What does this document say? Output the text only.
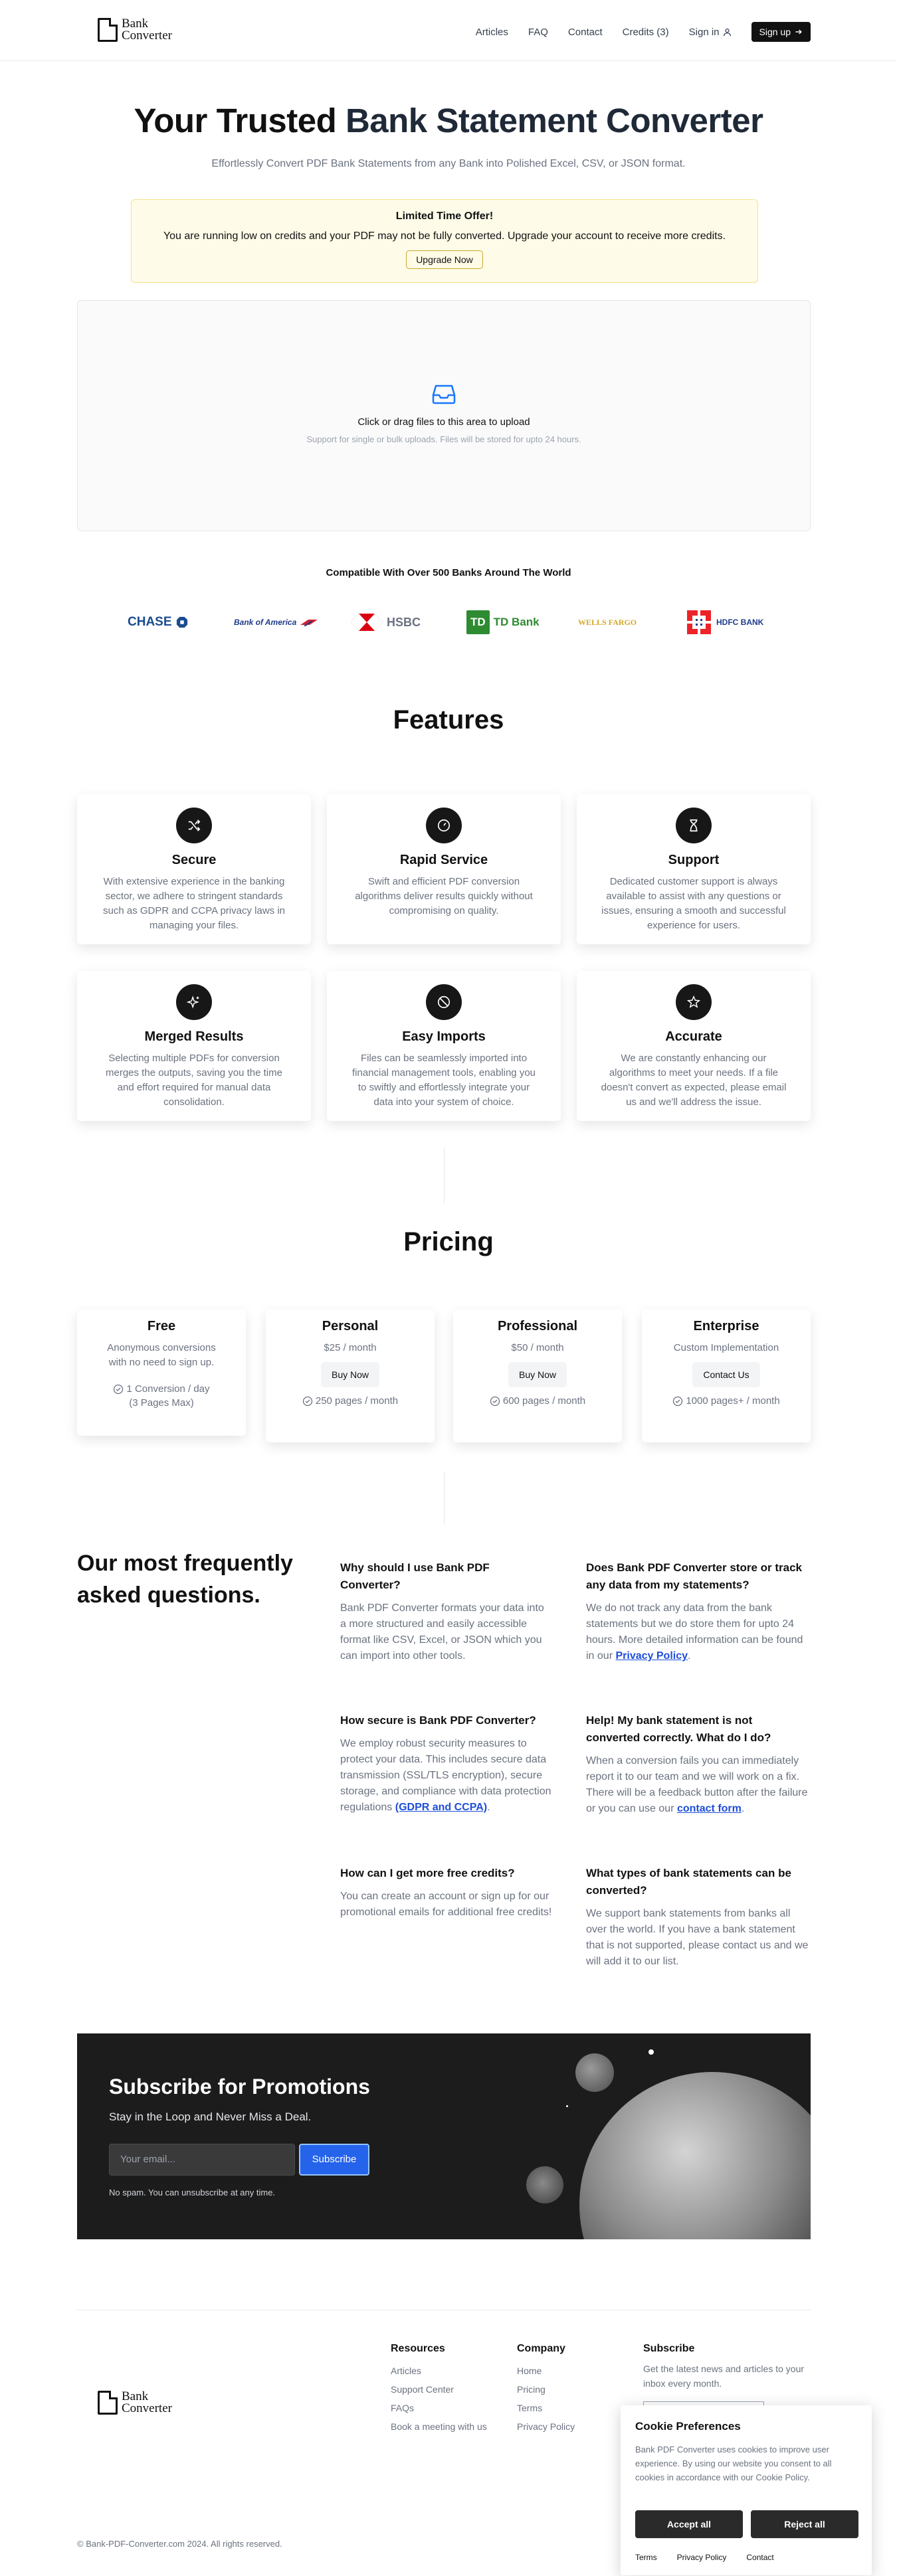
Bank
Converter	Articles FAQ Contact Credits (3) Sign in	Sign up
Your Trusted Bank Statement Converter
Effortlessly Convert PDF Bank Statements from any Bank into Polished Excel, CSV, or JSON format.
Limited Time Offer!
You are running low on credits and your PDF may not be fully converted. Upgrade your account to receive more credits.
Upgrade Now
Click or drag files to this area to upload
Support for single or bulk uploads. Files will be stored for upto 24 hours.
Compatible With Over 500 Banks Around The World
CHASE	Bank of America	HSBC	TD TD Bank	WELLS FARGO	HDFC BANK
Features
Secure

With extensive experience in the banking sector, we adhere to stringent standards such as GDPR and CCPA privacy laws in managing your files.

Rapid Service

Swift and efficient PDF conversion algorithms deliver results quickly without compromising on quality.

Support

Dedicated customer support is always available to assist with any questions or issues, ensuring a smooth and successful experience for users.

Merged Results

Selecting multiple PDFs for conversion merges the outputs, saving you the time and effort required for manual data consolidation.

Easy Imports

Files can be seamlessly imported into financial management tools, enabling you to swiftly and effortlessly integrate your data into your system of choice.

Accurate

We are constantly enhancing our algorithms to meet your needs. If a file doesn't convert as expected, please email us and we'll address the issue.

Pricing
Free
Anonymous conversions with no need to sign up.
1 Conversion / day
(3 Pages Max)
Personal
$25 / month
Buy Now
250 pages / month
Professional
$50 / month
Buy Now
600 pages / month
Enterprise
Custom Implementation
Contact Us
1000 pages+ / month
Our most frequently asked questions.
Why should I use Bank PDF Converter?

Bank PDF Converter formats your data into a more structured and easily accessible format like CSV, Excel, or JSON which you can import into other tools.

Does Bank PDF Converter store or track any data from my statements?

We do not track any data from the bank statements but we do store them for upto 24 hours. More detailed information can be found in our Privacy Policy.

How secure is Bank PDF Converter?

We employ robust security measures to protect your data. This includes secure data transmission (SSL/TLS encryption), secure storage, and compliance with data protection regulations (GDPR and CCPA).

Help! My bank statement is not converted correctly. What do I do?

When a conversion fails you can immediately report it to our team and we will work on a fix. There will be a feedback button after the failure or you can use our contact form.

How can I get more free credits?

You can create an account or sign up for our promotional emails for additional free credits!

What types of bank statements can be converted?

We support bank statements from banks all over the world. If you have a bank statement that is not supported, please contact us and we will add it to our list.

Subscribe for Promotions
Stay in the Loop and Never Miss a Deal.
Your email...	Subscribe
No spam. You can unsubscribe at any time.
Bank
Converter
Resources
Articles
Support Center
FAQs
Book a meeting with us
Company
Home
Pricing
Terms
Privacy Policy
Subscribe
Get the latest news and articles to your inbox every month.
© Bank-PDF-Converter.com 2024. All rights reserved.
Cookie Preferences

Bank PDF Converter uses cookies to improve user experience. By using our website you consent to all cookies in accordance with our Cookie Policy.

Accept all	Reject all
Terms	Privacy Policy	Contact
